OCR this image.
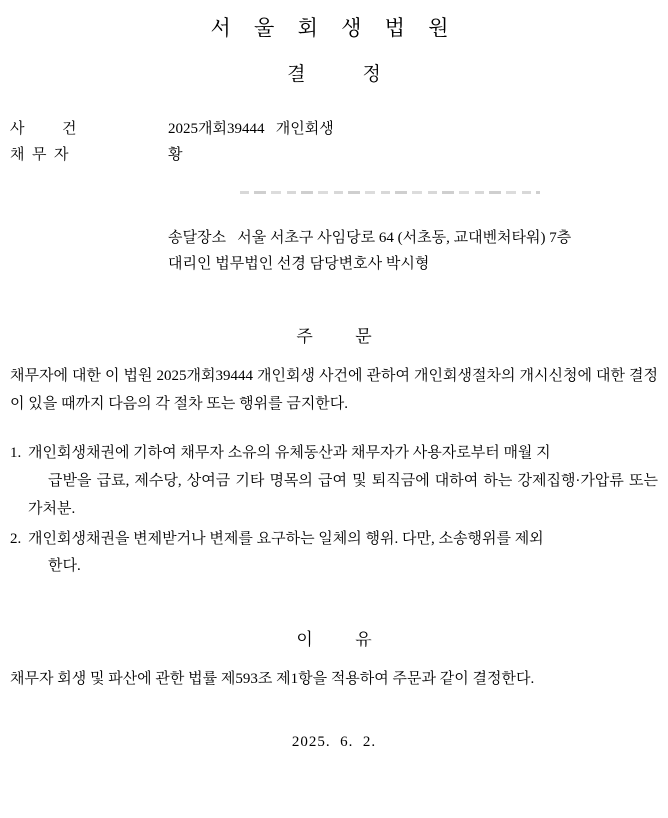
서 울 회 생 법 원
결            정
사          건	2025개회39444   개인회생
채  무  자	황
송달장소   서울 서초구 사임당로 64 (서초동, 교대벤처타워) 7층
대리인 법무법인 선경 담당변호사 박시형
주          문

채무자에 대한 이 법원 2025개회39444 개인회생 사건에 관하여 개인회생절차의 개시신청에 대한 결정이 있을 때까지 다음의 각 절차 또는 행위를 금지한다.

1. 개인회생채권에 기하여 채무자 소유의 유체동산과 채무자가 사용자로부터 매월 지
급받을 급료, 제수당, 상여금 기타 명목의 급여 및 퇴직금에 대하여 하는 강제집행·가압류 또는 가처분.
2. 개인회생채권을 변제받거나 변제를 요구하는 일체의 행위. 다만, 소송행위를 제외
한다.
이          유
채무자 회생 및 파산에 관한 법률 제593조 제1항을 적용하여 주문과 같이 결정한다.
2025.  6.  2.
